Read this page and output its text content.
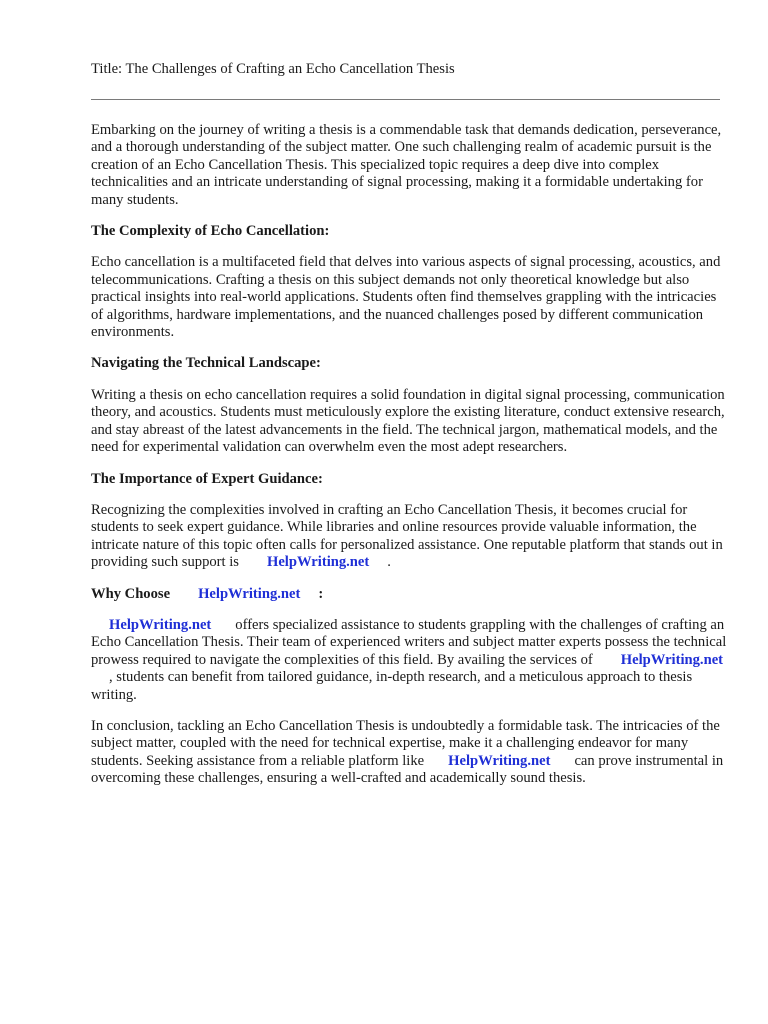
Title: The Challenges of Crafting an Echo Cancellation Thesis

Embarking on the journey of writing a thesis is a commendable task that demands dedication, perseverance, and a thorough understanding of the subject matter. One such challenging realm of academic pursuit is the creation of an Echo Cancellation Thesis. This specialized topic requires a deep dive into complex technicalities and an intricate understanding of signal processing, making it a formidable undertaking for many students.

The Complexity of Echo Cancellation:

Echo cancellation is a multifaceted field that delves into various aspects of signal processing, acoustics, and telecommunications. Crafting a thesis on this subject demands not only theoretical knowledge but also practical insights into real-world applications. Students often find themselves grappling with the intricacies of algorithms, hardware implementations, and the nuanced challenges posed by different communication environments.

Navigating the Technical Landscape:

Writing a thesis on echo cancellation requires a solid foundation in digital signal processing, communication theory, and acoustics. Students must meticulously explore the existing literature, conduct extensive research, and stay abreast of the latest advancements in the field. The technical jargon, mathematical models, and the need for experimental validation can overwhelm even the most adept researchers.

The Importance of Expert Guidance:

Recognizing the complexities involved in crafting an Echo Cancellation Thesis, it becomes crucial for students to seek expert guidance. While libraries and online resources provide valuable information, the intricate nature of this topic often calls for personalized assistance. One reputable platform that stands out in providing such support is HelpWriting.net .

Why Choose HelpWriting.net :

HelpWriting.net offers specialized assistance to students grappling with the challenges of crafting an Echo Cancellation Thesis. Their team of experienced writers and subject matter experts possess the technical prowess required to navigate the complexities of this field. By availing the services of HelpWriting.net, students can benefit from tailored guidance, in-depth research, and a meticulous approach to thesis writing.

In conclusion, tackling an Echo Cancellation Thesis is undoubtedly a formidable task. The intricacies of the subject matter, coupled with the need for technical expertise, make it a challenging endeavor for many students. Seeking assistance from a reliable platform like HelpWriting.net can prove instrumental in overcoming these challenges, ensuring a well-crafted and academically sound thesis.
